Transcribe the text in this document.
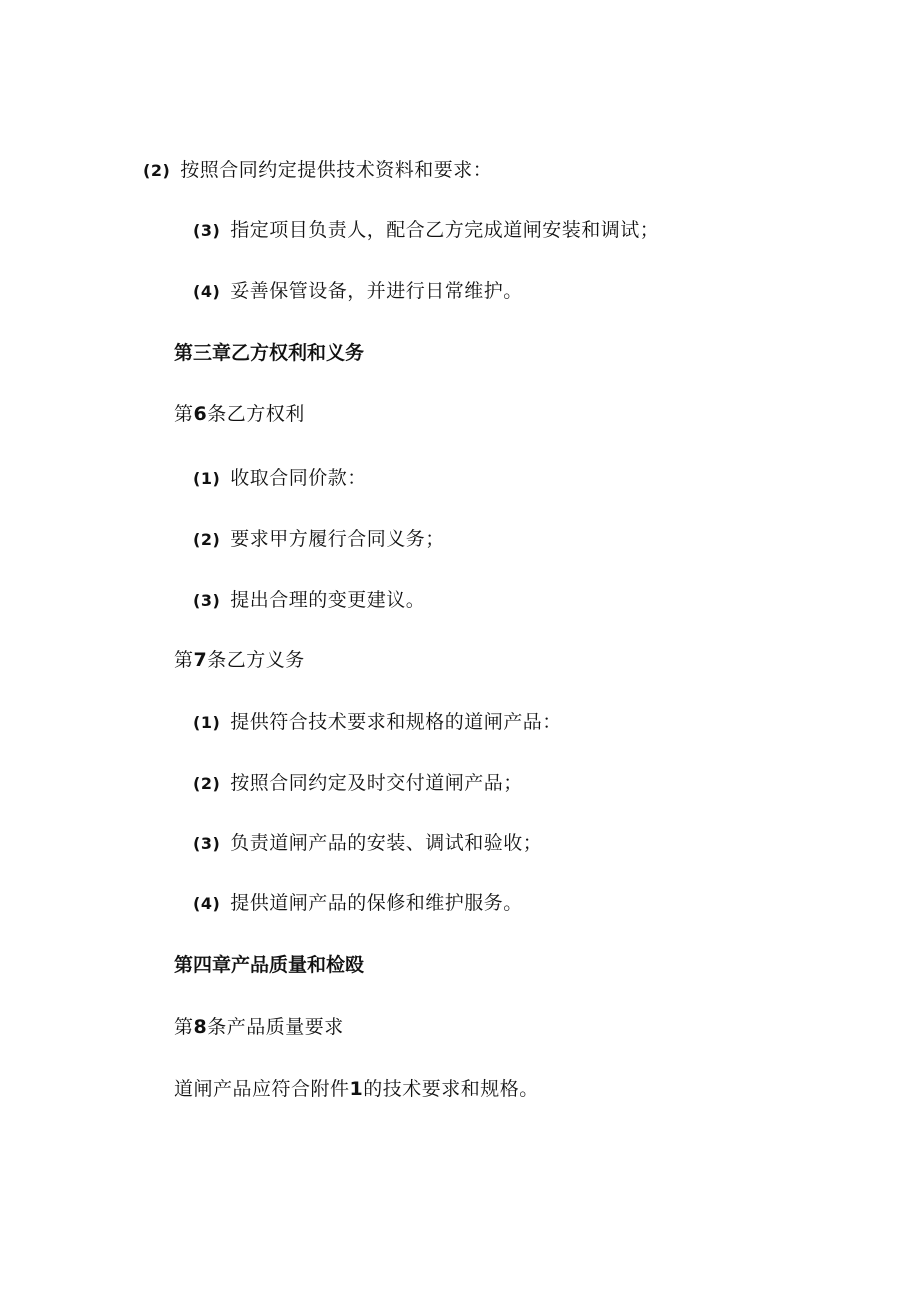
(2) 按照合同约定提供技术资料和要求：
(3) 指定项目负责人，配合乙方完成道闸安装和调试；
(4) 妥善保管设备，并进行日常维护。
第三章乙方权利和义务
第6条乙方权利
(1) 收取合同价款：
(2) 要求甲方履行合同义务；
(3) 提出合理的变更建议。
第7条乙方义务
(1) 提供符合技术要求和规格的道闸产品：
(2) 按照合同约定及时交付道闸产品；
(3) 负责道闸产品的安装、调试和验收；
(4) 提供道闸产品的保修和维护服务。
第四章产品质量和检殴
第8条产品质量要求
道闸产品应符合附件1的技术要求和规格。
